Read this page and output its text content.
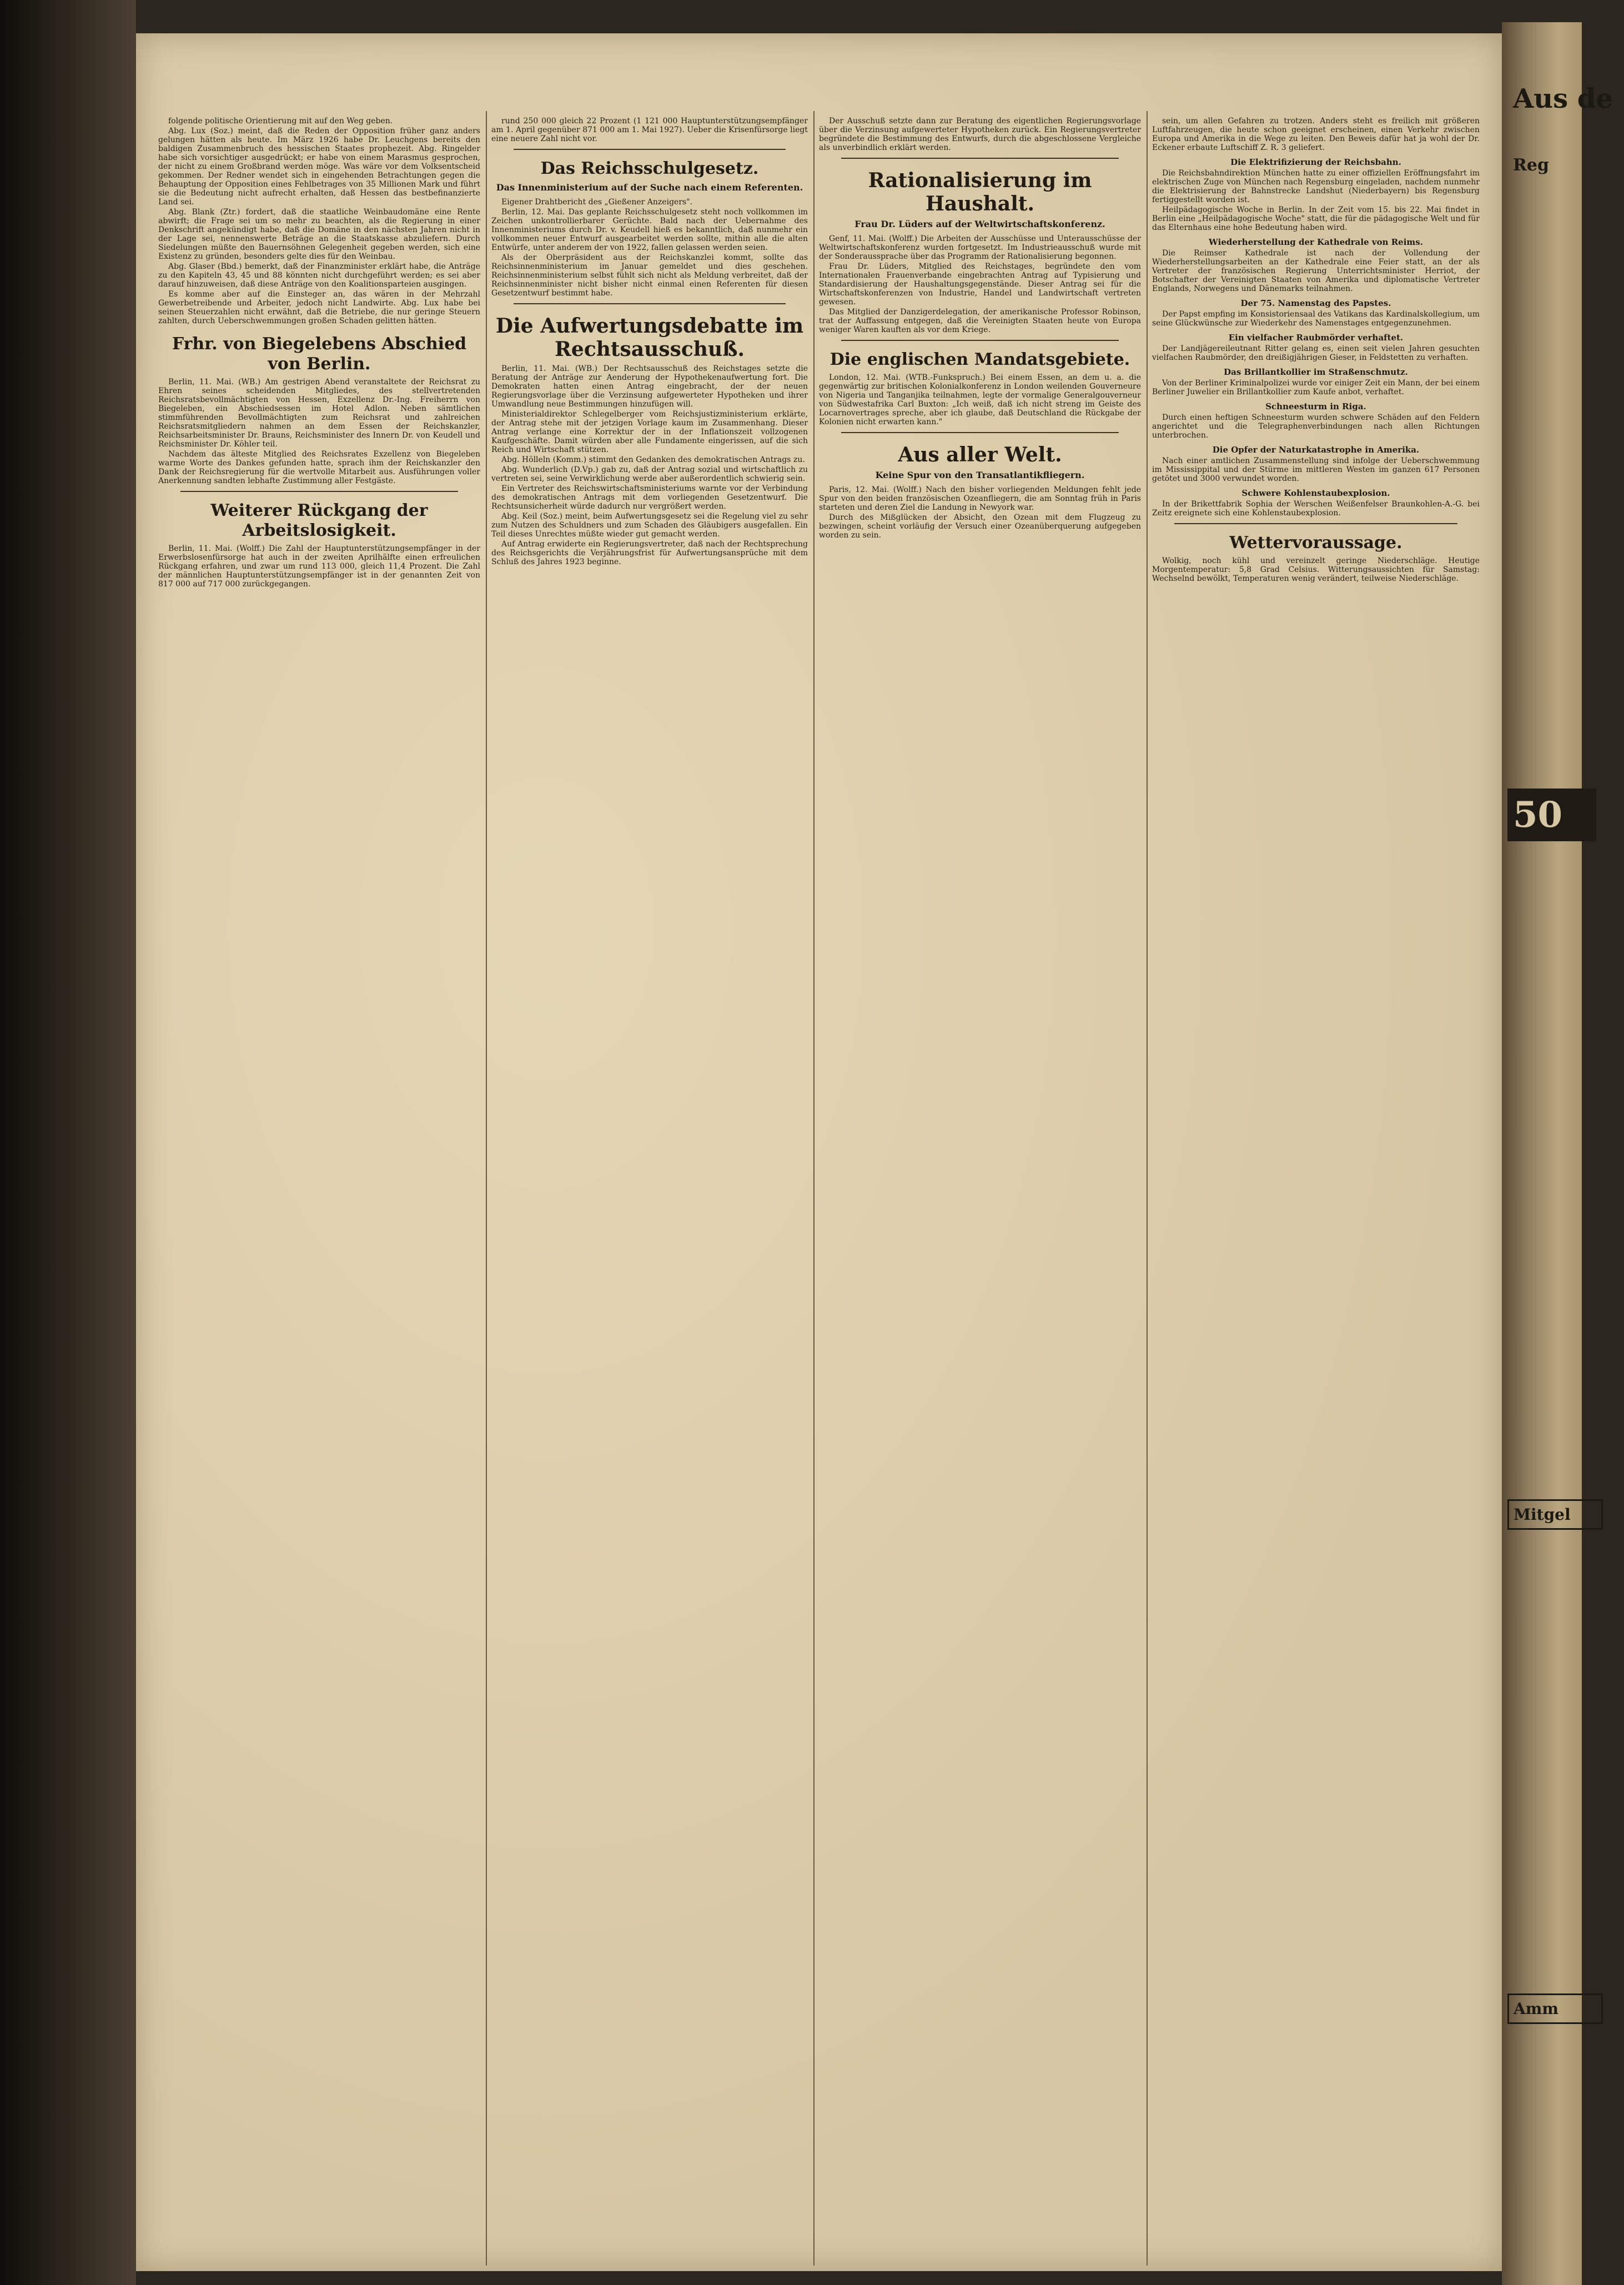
folgende politische Orientierung mit auf den Weg geben.

Abg. Lux (Soz.) meint, daß die Reden der Opposition früher ganz anders gelungen hätten als heute. Im März 1926 habe Dr. Leuchgens bereits den baldigen Zusammenbruch des hessischen Staates prophezeit. Abg. Ringelder habe sich vorsichtiger ausgedrückt; er habe von einem Marasmus gesprochen, der nicht zu einem Großbrand werden möge. Was wäre vor dem Volksentscheid gekommen. Der Redner wendet sich in eingehenden Betrachtungen gegen die Behauptung der Opposition eines Fehlbetrages von 35 Millionen Mark und führt sie die Bedeutung nicht aufrecht erhalten, daß Hessen das bestbefinanzierte Land sei.

Abg. Blank (Ztr.) fordert, daß die staatliche Weinbaudomäne eine Rente abwirft; die Frage sei um so mehr zu beachten, als die Regierung in einer Denkschrift angekündigt habe, daß die Domäne in den nächsten Jahren nicht in der Lage sei, nennenswerte Beträge an die Staatskasse abzuliefern. Durch Siedelungen müßte den Bauernsöhnen Gelegenheit gegeben werden, sich eine Existenz zu gründen, besonders gelte dies für den Weinbau.

Abg. Glaser (Bbd.) bemerkt, daß der Finanzminister erklärt habe, die Anträge zu den Kapiteln 43, 45 und 88 könnten nicht durchgeführt werden; es sei aber darauf hinzuweisen, daß diese Anträge von den Koalitionsparteien ausgingen.

Es komme aber auf die Einsteger an, das wären in der Mehrzahl Gewerbetreibende und Arbeiter, jedoch nicht Landwirte. Abg. Lux habe bei seinen Steuerzahlen nicht erwähnt, daß die Betriebe, die nur geringe Steuern zahlten, durch Ueberschwemmungen großen Schaden gelitten hätten.

Frhr. von Biegelebens Abschied von Berlin.

Berlin, 11. Mai. (WB.) Am gestrigen Abend veranstaltete der Reichsrat zu Ehren seines scheidenden Mitgliedes, des stellvertretenden Reichsratsbevollmächtigten von Hessen, Exzellenz Dr.-Ing. Freiherrn von Biegeleben, ein Abschiedsessen im Hotel Adlon. Neben sämtlichen stimmführenden Bevollmächtigten zum Reichsrat und zahlreichen Reichsratsmitgliedern nahmen an dem Essen der Reichskanzler, Reichsarbeitsminister Dr. Brauns, Reichsminister des Innern Dr. von Keudell und Reichsminister Dr. Köhler teil.

Nachdem das älteste Mitglied des Reichsrates Exzellenz von Biegeleben warme Worte des Dankes gefunden hatte, sprach ihm der Reichskanzler den Dank der Reichsregierung für die wertvolle Mitarbeit aus. Ausführungen voller Anerkennung sandten lebhafte Zustimmung aller Festgäste.

Weiterer Rückgang der Arbeitslosigkeit.

Berlin, 11. Mai. (Wolff.) Die Zahl der Hauptunterstützungsempfänger in der Erwerbslosenfürsorge hat auch in der zweiten Aprilhälfte einen erfreulichen Rückgang erfahren, und zwar um rund 113 000, gleich 11,4 Prozent. Die Zahl der männlichen Hauptunterstützungsempfänger ist in der genannten Zeit von 817 000 auf 717 000 zurückgegangen.

rund 250 000 gleich 22 Prozent (1 121 000 Hauptunterstützungsempfänger am 1. April gegenüber 871 000 am 1. Mai 1927). Ueber die Krisenfürsorge liegt eine neuere Zahl nicht vor.

Das Reichsschulgesetz.
Das Innenministerium auf der Suche nach einem Referenten.

Eigener Drahtbericht des „Gießener Anzeigers".

Berlin, 12. Mai. Das geplante Reichsschulgesetz steht noch vollkommen im Zeichen unkontrollierbarer Gerüchte. Bald nach der Uebernahme des Innenministeriums durch Dr. v. Keudell hieß es bekanntlich, daß nunmehr ein vollkommen neuer Entwurf ausgearbeitet werden sollte, mithin alle die alten Entwürfe, unter anderem der von 1922, fallen gelassen werden seien.

Als der Oberpräsident aus der Reichskanzlei kommt, sollte das Reichsinnenministerium im Januar gemeldet und dies geschehen. Reichsinnenministerium selbst fühlt sich nicht als Meldung verbreitet, daß der Reichsinnenminister nicht bisher nicht einmal einen Referenten für diesen Gesetzentwurf bestimmt habe.

Die Aufwertungsdebatte im Rechtsausschuß.

Berlin, 11. Mai. (WB.) Der Rechtsausschuß des Reichstages setzte die Beratung der Anträge zur Aenderung der Hypothekenaufwertung fort. Die Demokraten hatten einen Antrag eingebracht, der der neuen Regierungsvorlage über die Verzinsung aufgewerteter Hypotheken und ihrer Umwandlung neue Bestimmungen hinzufügen will.

Ministerialdirektor Schlegelberger vom Reichsjustizministerium erklärte, der Antrag stehe mit der jetzigen Vorlage kaum im Zusammenhang. Dieser Antrag verlange eine Korrektur der in der Inflationszeit vollzogenen Kaufgeschäfte. Damit würden aber alle Fundamente eingerissen, auf die sich Reich und Wirtschaft stützen.

Abg. Hölleln (Komm.) stimmt den Gedanken des demokratischen Antrags zu.

Abg. Wunderlich (D.Vp.) gab zu, daß der Antrag sozial und wirtschaftlich zu vertreten sei, seine Verwirklichung werde aber außerordentlich schwierig sein.

Ein Vertreter des Reichswirtschaftsministeriums warnte vor der Verbindung des demokratischen Antrags mit dem vorliegenden Gesetzentwurf. Die Rechtsunsicherheit würde dadurch nur vergrößert werden.

Abg. Keil (Soz.) meint, beim Aufwertungsgesetz sei die Regelung viel zu sehr zum Nutzen des Schuldners und zum Schaden des Gläubigers ausgefallen. Ein Teil dieses Unrechtes müßte wieder gut gemacht werden.

Auf Antrag erwiderte ein Regierungsvertreter, daß nach der Rechtsprechung des Reichsgerichts die Verjährungsfrist für Aufwertungsansprüche mit dem Schluß des Jahres 1923 beginne.

Der Ausschuß setzte dann zur Beratung des eigentlichen Regierungsvorlage über die Verzinsung aufgewerteter Hypotheken zurück. Ein Regierungsvertreter begründete die Bestimmung des Entwurfs, durch die abgeschlossene Vergleiche als unverbindlich erklärt werden.

Rationalisierung im Haushalt.
Frau Dr. Lüders auf der Weltwirtschaftskonferenz.

Genf, 11. Mai. (Wolff.) Die Arbeiten der Ausschüsse und Unterausschüsse der Weltwirtschaftskonferenz wurden fortgesetzt. Im Industrieausschuß wurde mit der Sonderaussprache über das Programm der Rationalisierung begonnen.

Frau Dr. Lüders, Mitglied des Reichstages, begründete den vom Internationalen Frauenverbande eingebrachten Antrag auf Typisierung und Standardisierung der Haushaltungsgegenstände. Dieser Antrag sei für die Wirtschaftskonferenzen von Industrie, Handel und Landwirtschaft vertreten gewesen.

Das Mitglied der Danzigerdelegation, der amerikanische Professor Robinson, trat der Auffassung entgegen, daß die Vereinigten Staaten heute von Europa weniger Waren kauften als vor dem Kriege.

Die englischen Mandatsgebiete.

London, 12. Mai. (WTB.-Funkspruch.) Bei einem Essen, an dem u. a. die gegenwärtig zur britischen Kolonialkonferenz in London weilenden Gouverneure von Nigeria und Tanganjika teilnahmen, legte der vormalige Generalgouverneur von Südwestafrika Carl Buxton: „Ich weiß, daß ich nicht streng im Geiste des Locarnovertrages spreche, aber ich glaube, daß Deutschland die Rückgabe der Kolonien nicht erwarten kann."

Aus aller Welt.
Keine Spur von den Transatlantikfliegern.

Paris, 12. Mai. (Wolff.) Nach den bisher vorliegenden Meldungen fehlt jede Spur von den beiden französischen Ozeanfliegern, die am Sonntag früh in Paris starteten und deren Ziel die Landung in Newyork war.

Durch des Mißglücken der Absicht, den Ozean mit dem Flugzeug zu bezwingen, scheint vorläufig der Versuch einer Ozeanüberquerung aufgegeben worden zu sein.

sein, um allen Gefahren zu trotzen. Anders steht es freilich mit größeren Luftfahrzeugen, die heute schon geeignet erscheinen, einen Verkehr zwischen Europa und Amerika in die Wege zu leiten. Den Beweis dafür hat ja wohl der Dr. Eckener erbaute Luftschiff Z. R. 3 geliefert.

Die Elektrifizierung der Reichsbahn.

Die Reichsbahndirektion München hatte zu einer offiziellen Eröffnungsfahrt im elektrischen Zuge von München nach Regensburg eingeladen, nachdem nunmehr die Elektrisierung der Bahnstrecke Landshut (Niederbayern) bis Regensburg fertiggestellt worden ist.

Heilpädagogische Woche in Berlin. In der Zeit vom 15. bis 22. Mai findet in Berlin eine „Heilpädagogische Woche" statt, die für die pädagogische Welt und für das Elternhaus eine hohe Bedeutung haben wird.

Wiederherstellung der Kathedrale von Reims.

Die Reimser Kathedrale ist nach der Vollendung der Wiederherstellungsarbeiten an der Kathedrale eine Feier statt, an der als Vertreter der französischen Regierung Unterrichtsminister Herriot, der Botschafter der Vereinigten Staaten von Amerika und diplomatische Vertreter Englands, Norwegens und Dänemarks teilnahmen.

Der 75. Namenstag des Papstes.

Der Papst empfing im Konsistoriensaal des Vatikans das Kardinalskollegium, um seine Glückwünsche zur Wiederkehr des Namenstages entgegenzunehmen.

Ein vielfacher Raubmörder verhaftet.

Der Landjägereileutnant Ritter gelang es, einen seit vielen Jahren gesuchten vielfachen Raubmörder, den dreißigjährigen Gieser, in Feldstetten zu verhaften.

Das Brillantkollier im Straßenschmutz.

Von der Berliner Kriminalpolizei wurde vor einiger Zeit ein Mann, der bei einem Berliner Juwelier ein Brillantkollier zum Kaufe anbot, verhaftet.

Schneesturm in Riga.

Durch einen heftigen Schneesturm wurden schwere Schäden auf den Feldern angerichtet und die Telegraphenverbindungen nach allen Richtungen unterbrochen.

Die Opfer der Naturkatastrophe in Amerika.

Nach einer amtlichen Zusammenstellung sind infolge der Ueberschwemmung im Mississippital und der Stürme im mittleren Westen im ganzen 617 Personen getötet und 3000 verwundet worden.

Schwere Kohlenstaubexplosion.

In der Brikettfabrik Sophia der Werschen Weißenfelser Braunkohlen-A.-G. bei Zeitz ereignete sich eine Kohlenstaubexplosion.

Wettervoraussage.

Wolkig, noch kühl und vereinzelt geringe Niederschläge. Heutige Morgentemperatur: 5,8 Grad Celsius. Witterungsaussichten für Samstag: Wechselnd bewölkt, Temperaturen wenig verändert, teilweise Niederschläge.

Aus de
Reg
50
Mitgel
Amm
